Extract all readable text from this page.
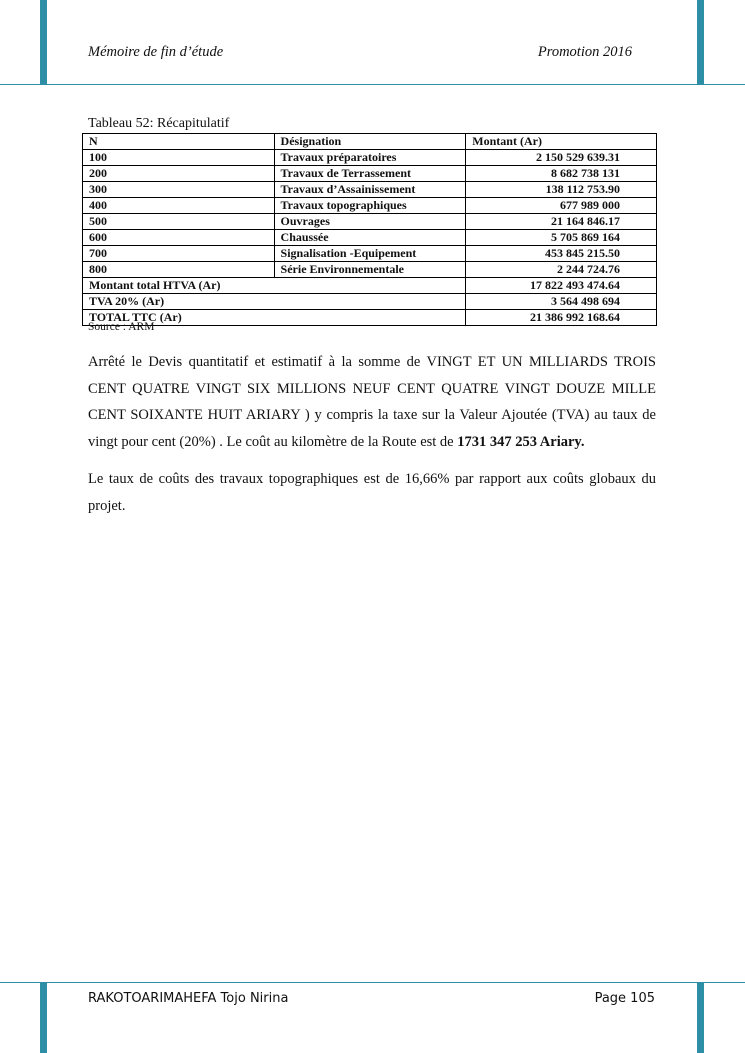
Mémoire de fin d’étude	Promotion 2016
Tableau 52: Récapitulatif
N	Désignation	Montant (Ar)
100	Travaux préparatoires	2 150 529 639.31
200	Travaux de Terrassement	8 682 738 131
300	Travaux d’Assainissement	138 112 753.90
400	Travaux topographiques	677 989 000
500	Ouvrages	21 164 846.17
600	Chaussée	5 705 869 164
700	Signalisation -Equipement	453 845 215.50
800	Série Environnementale	2 244 724.76
Montant total HTVA (Ar)		17 822 493 474.64
TVA 20% (Ar)		3 564 498 694
TOTAL TTC (Ar)		21 386 992 168.64
Source : ARM

Arrêté le Devis quantitatif et estimatif à la somme de VINGT ET UN MILLIARDS TROIS CENT QUATRE VINGT SIX MILLIONS NEUF CENT QUATRE VINGT DOUZE MILLE CENT SOIXANTE HUIT ARIARY ) y compris la taxe sur la Valeur Ajoutée (TVA) au taux de vingt pour cent (20%) . Le coût au kilomètre de la Route est de 1731 347 253 Ariary.

Le taux de coûts des travaux topographiques est de 16,66% par rapport aux coûts globaux du projet.

RAKOTOARIMAHEFA Tojo Nirina	Page 105
